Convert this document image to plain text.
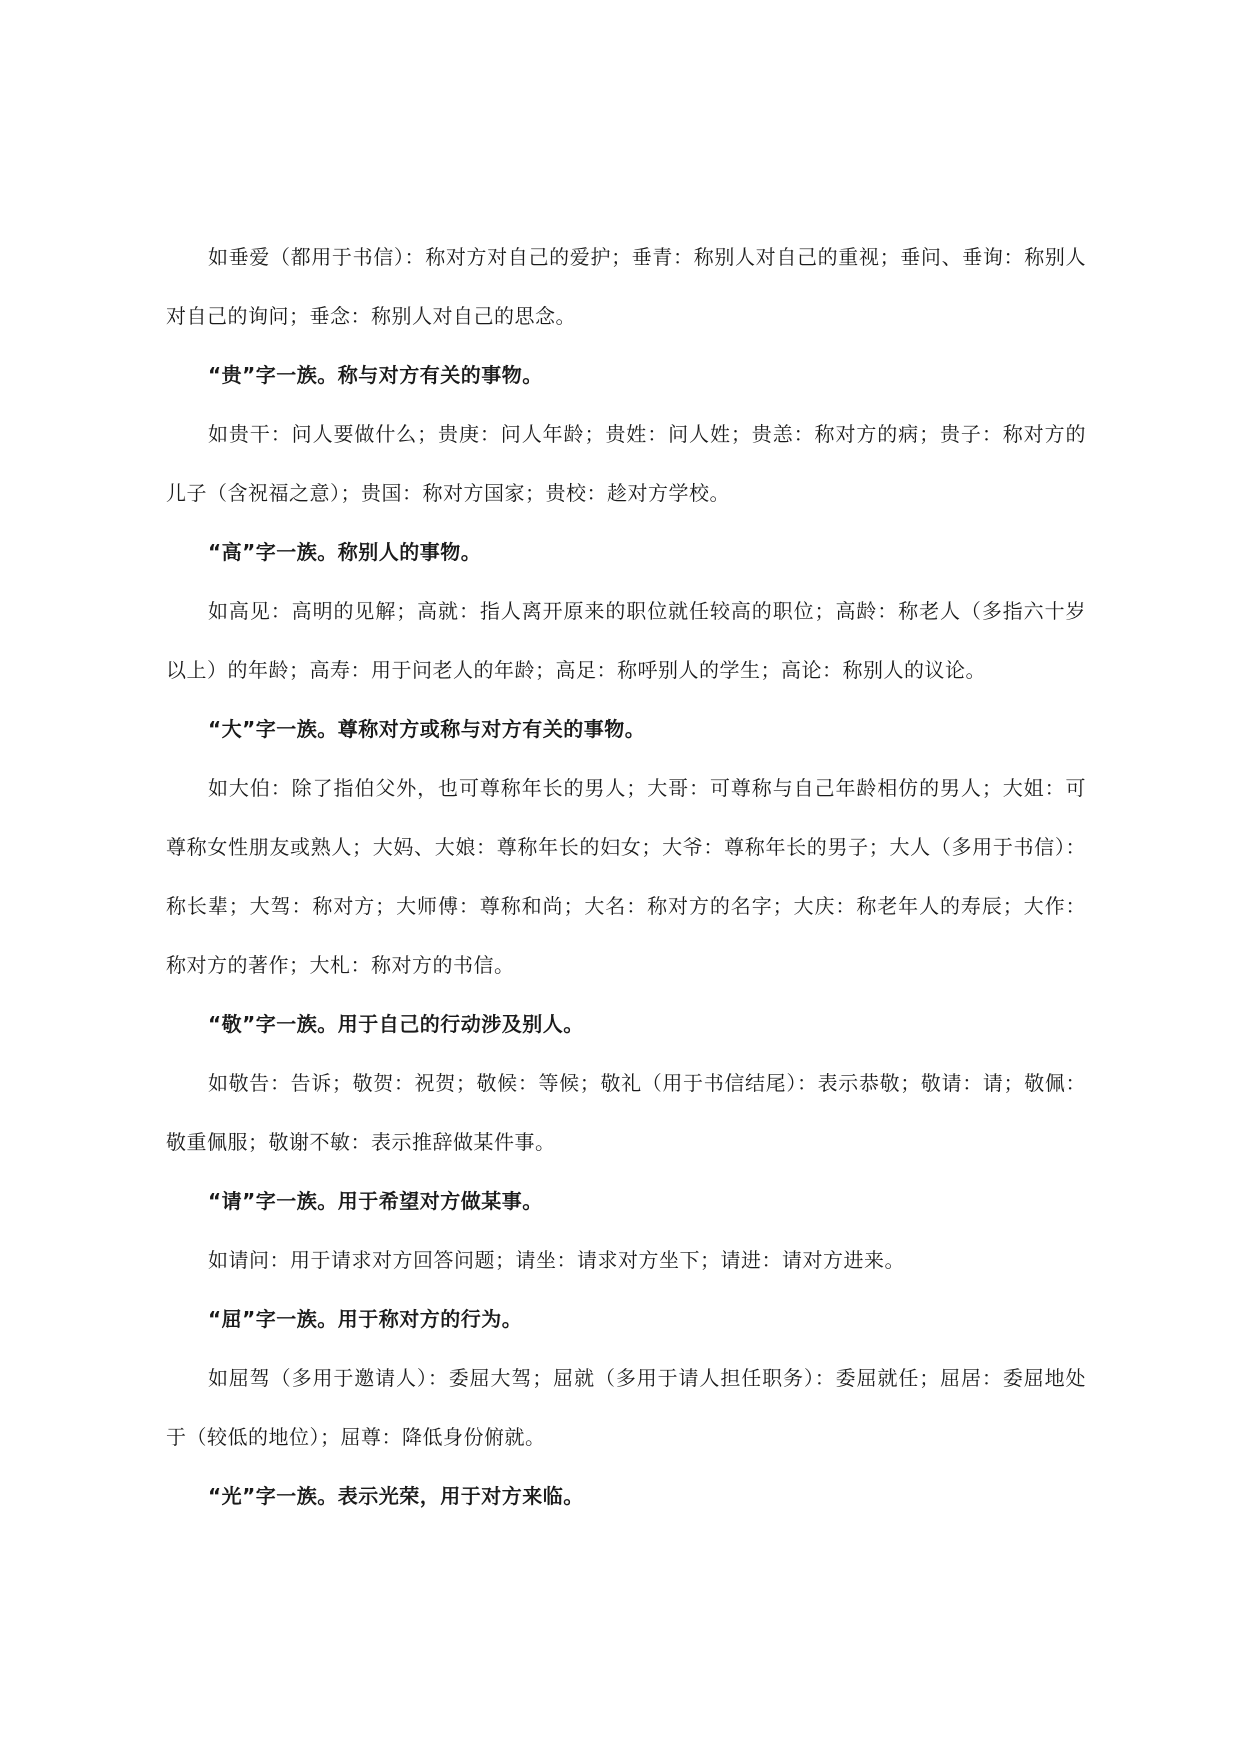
如垂爱（都用于书信）：称对方对自己的爱护；垂青：称别人对自己的重视；垂问、垂询：称别人对自己的询问；垂念：称别人对自己的思念。

“贵”字一族。称与对方有关的事物。

如贵干：问人要做什么；贵庚：问人年龄；贵姓：问人姓；贵恙：称对方的病；贵子：称对方的儿子（含祝福之意）；贵国：称对方国家；贵校：趁对方学校。

“高”字一族。称别人的事物。

如高见：高明的见解；高就：指人离开原来的职位就任较高的职位；高龄：称老人（多指六十岁以上）的年龄；高寿：用于问老人的年龄；高足：称呼别人的学生；高论：称别人的议论。

“大”字一族。尊称对方或称与对方有关的事物。

如大伯：除了指伯父外，也可尊称年长的男人；大哥：可尊称与自己年龄相仿的男人；大姐：可尊称女性朋友或熟人；大妈、大娘：尊称年长的妇女；大爷：尊称年长的男子；大人（多用于书信）：称长辈；大驾：称对方；大师傅：尊称和尚；大名：称对方的名字；大庆：称老年人的寿辰；大作：称对方的著作；大札：称对方的书信。

“敬”字一族。用于自己的行动涉及别人。

如敬告：告诉；敬贺：祝贺；敬候：等候；敬礼（用于书信结尾）：表示恭敬；敬请：请；敬佩：敬重佩服；敬谢不敏：表示推辞做某件事。

“请”字一族。用于希望对方做某事。

如请问：用于请求对方回答问题；请坐：请求对方坐下；请进：请对方进来。

“屈”字一族。用于称对方的行为。

如屈驾（多用于邀请人）：委屈大驾；屈就（多用于请人担任职务）：委屈就任；屈居：委屈地处于（较低的地位）；屈尊：降低身份俯就。

“光”字一族。表示光荣，用于对方来临。
